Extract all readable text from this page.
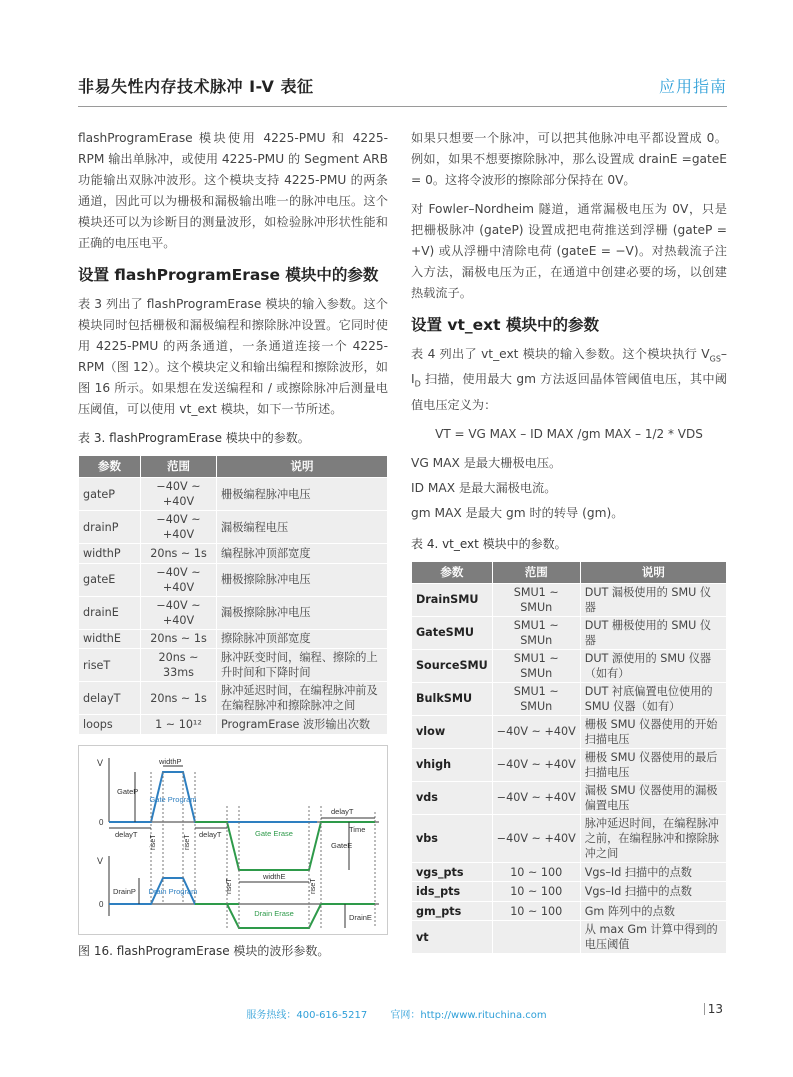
非易失性内存技术脉冲 I-V 表征	应用指南

flashProgramErase 模块使用 4225-PMU 和 4225-RPM 输出单脉冲，或使用 4225-PMU 的 Segment ARB 功能输出双脉冲波形。这个模块支持 4225-PMU 的两条通道，因此可以为栅极和漏极输出唯一的脉冲电压。这个模块还可以为诊断目的测量波形，如检验脉冲形状性能和正确的电压电平。

设置 flashProgramErase 模块中的参数

表 3 列出了 flashProgramErase 模块的输入参数。这个模块同时包括栅极和漏极编程和擦除脉冲设置。它同时使用 4225-PMU 的两条通道，一条通道连接一个 4225-RPM（图 12）。这个模块定义和输出编程和擦除波形，如图 16 所示。如果想在发送编程和 / 或擦除脉冲后测量电压阈值，可以使用 vt_ext 模块，如下一节所述。

表 3. flashProgramErase 模块中的参数。
参数	范围	说明
gateP	−40V ~ +40V	栅极编程脉冲电压
drainP	−40V ~ +40V	漏极编程电压
widthP	20ns ~ 1s	编程脉冲顶部宽度
gateE	−40V ~ +40V	栅极擦除脉冲电压
drainE	−40V ~ +40V	漏极擦除脉冲电压
widthE	20ns ~ 1s	擦除脉冲顶部宽度
riseT	20ns ~ 33ms	脉冲跃变时间，编程、擦除的上升时间和下降时间
delayT	20ns ~ 1s	脉冲延迟时间，在编程脉冲前及在编程脉冲和擦除脉冲之间
loops	1 ~ 10¹²	ProgramErase 波形输出次数
V
0
V
0
widthP
GateP
Gate Program
delayT riseT	riseT delayT	Gate Erase
delayT
Time
GateE
riseT
widthE
riseT
DrainP Drain Program
Drain Erase	DrainE
图 16. flashProgramErase 模块的波形参数。

如果只想要一个脉冲，可以把其他脉冲电平都设置成 0。例如，如果不想要擦除脉冲，那么设置成 drainE =gateE = 0。这将令波形的擦除部分保持在 0V。

对 Fowler–Nordheim 隧道，通常漏极电压为 0V，只是把栅极脉冲 (gateP) 设置成把电荷推送到浮栅 (gateP = +V) 或从浮栅中清除电荷 (gateE = −V)。对热载流子注入方法，漏极电压为正，在通道中创建必要的场，以创建热载流子。

设置 vt_ext 模块中的参数

表 4 列出了 vt_ext 模块的输入参数。这个模块执行 $V_{GS}-I_D$ 扫描，使用最大 gm 方法返回晶体管阈值电压，其中阈值电压定义为：

VT = VG MAX – ID MAX /gm MAX – 1/2 * VDS

VG MAX 是最大栅极电压。

ID MAX 是最大漏极电流。

gm MAX 是最大 gm 时的转导 (gm)。

表 4. vt_ext 模块中的参数。
参数	范围	说明
DrainSMU	SMU1 ~ SMUn	DUT 漏极使用的 SMU 仪器
GateSMU	SMU1 ~ SMUn	DUT 栅极使用的 SMU 仪器
SourceSMU	SMU1 ~ SMUn	DUT 源使用的 SMU 仪器（如有）
BulkSMU	SMU1 ~ SMUn	DUT 衬底偏置电位使用的 SMU 仪器（如有）
vlow	−40V ~ +40V	栅极 SMU 仪器使用的开始扫描电压
vhigh	−40V ~ +40V	栅极 SMU 仪器使用的最后扫描电压
vds	−40V ~ +40V	漏极 SMU 仪器使用的漏极偏置电压
vbs	−40V ~ +40V	脉冲延迟时间，在编程脉冲之前，在编程脉冲和擦除脉冲之间
vgs_pts	10 ~ 100	Vgs–Id 扫描中的点数
ids_pts	10 ~ 100	Vgs–Id 扫描中的点数
gm_pts	10 ~ 100	Gm 阵列中的点数
vt		从 max Gm 计算中得到的电压阈值
服务热线：400-616-5217 官网：http://www.rituchina.com	13
